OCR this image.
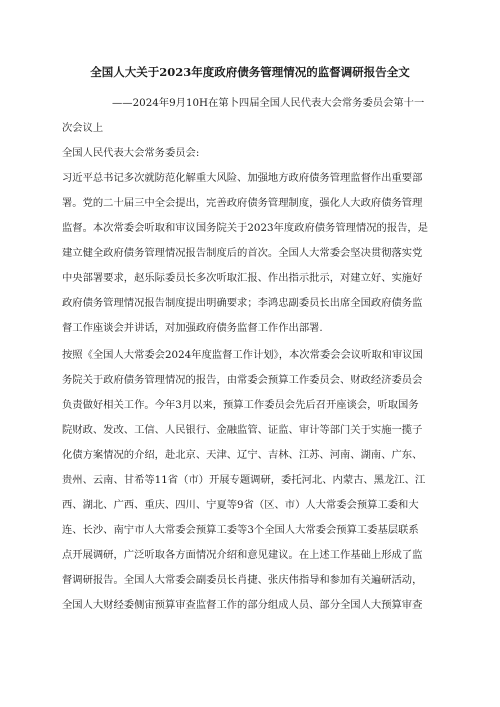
全国人大关于2023年度政府债务管理情况的监督调研报告全文

——2024年9月10H在第卜四届全国人民代表大会常务委员会第十一

次会议上

全国人民代表大会常务委员会:

习近平总书记多次就防范化解重大风险、加强地方政府债务管理监督作出重要部

署。党的二十届三中全会提出，完善政府债务管理制度，强化人大政府债务管理

监督。本次常委会听取和审议国务院关于2023年度政府债务管理情况的报告，是

建立健全政府债务管理情况报告制度后的首次。全国人大常委会坚决贯彻落实党

中央部署要求，赵乐际委员长多次听取汇报、作出指示批示，对建立好、实施好

政府债务管理情况报告制度提出明确要求；李鸿忠副委员长出席全国政府债务监

督工作座谈会并讲话，对加强政府债务监督工作作出部署.

按照《全国人大常委会2024年度监督工作计划》，本次常委会会议听取和审议国

务院关于政府债务管理情况的报告，由常委会预算工作委员会、财政经济委员会

负责做好相关工作。今年3月以来，预算工作委员会先后召开座谈会，听取国务

院财政、发改、工信、人民银行、金融监管、证监、审计等部门关于实施一揽子

化债方案情况的介绍，赴北京、天津、辽宁、吉林、江苏、河南、湖南、广东、

贵州、云南、甘希等11省（市）开展专题调研，委托河北、内蒙古、黑龙江、江

西、湖北、广西、重庆、四川、宁夏等9省（区、市）人大常委会预算工委和大

连、长沙、南宁市人大常委会预算工委等3个全国人大常委会预算工委基层联系

点开展调研，广泛听取各方面情况介绍和意见建议。在上述工作基础上形成了监

督调研报告。全国人大常委会副委员长肖捷、张庆伟指导和参加有关遍研活动，

全国人大财经委侧宙预算审查监督工作的部分组成人员、部分全国人大预算审查
